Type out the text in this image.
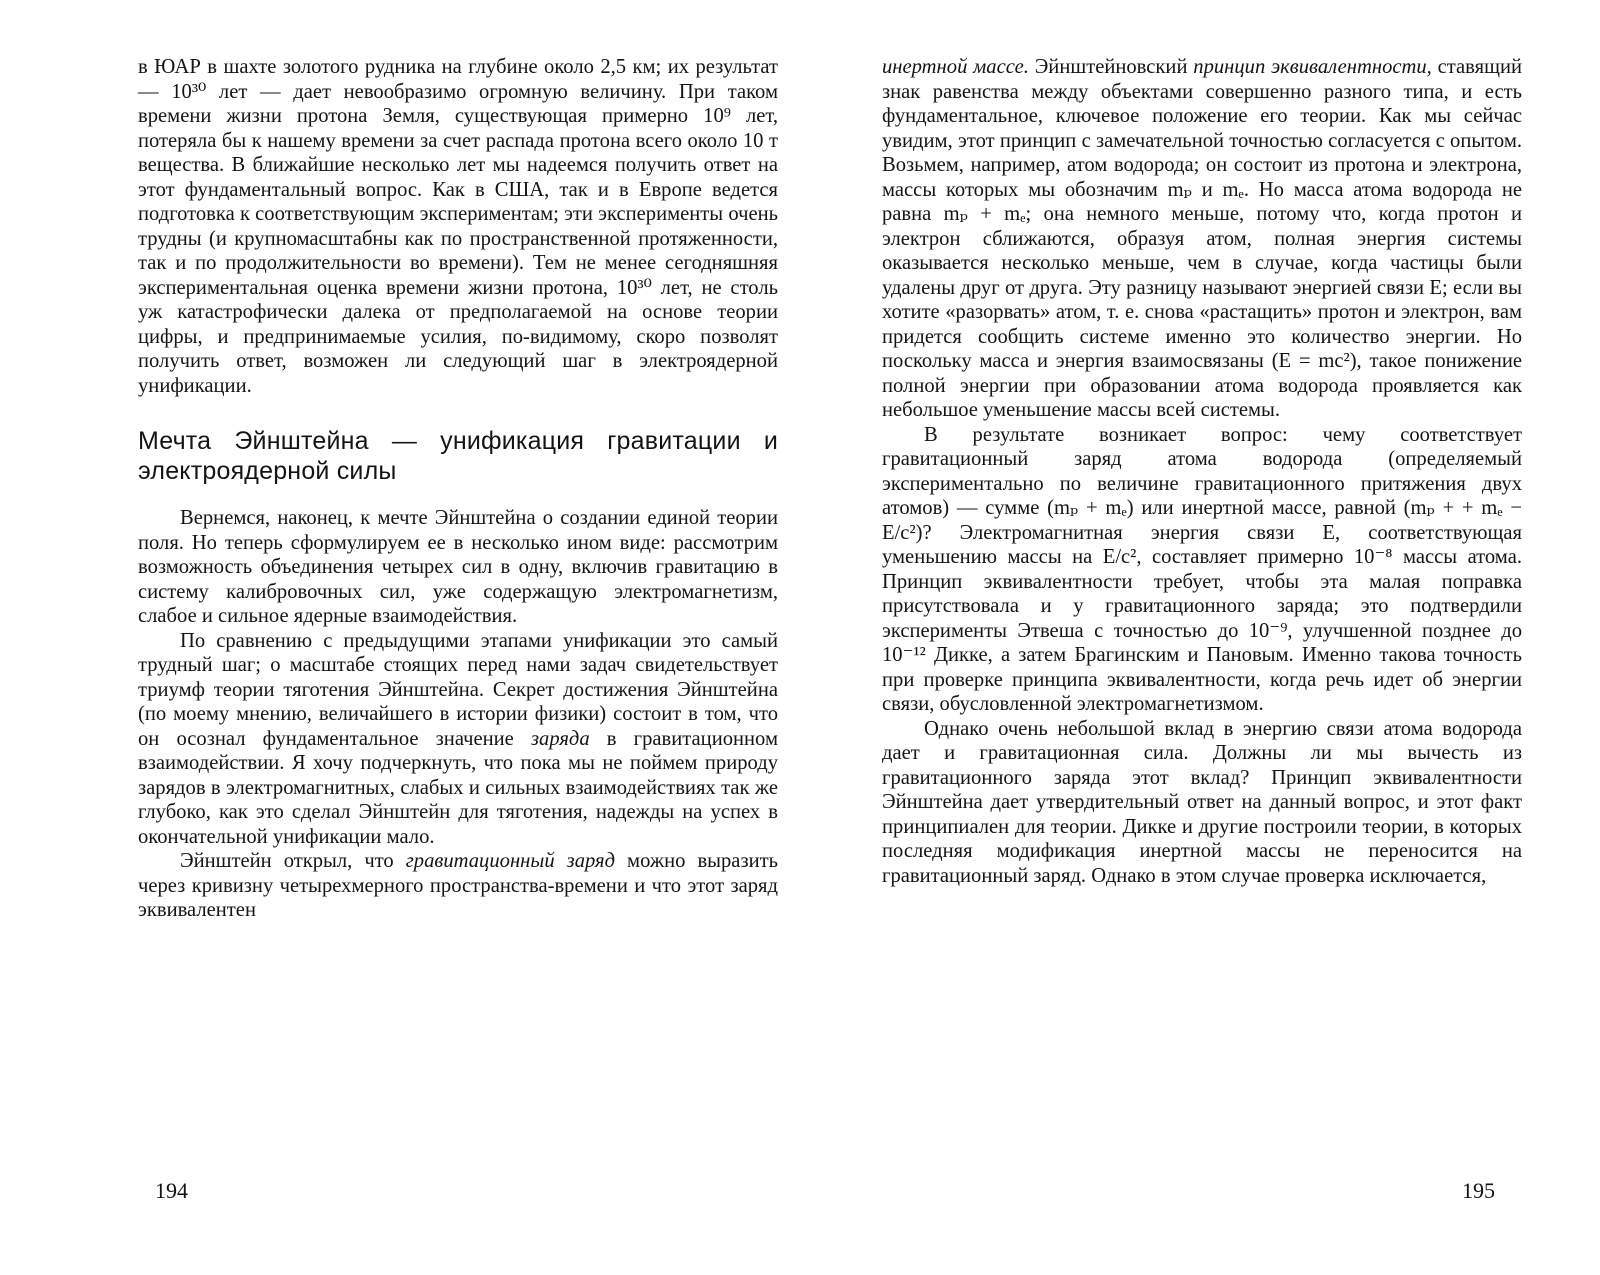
в ЮАР в шахте золотого рудника на глубине около 2,5 км; их результат — 10³⁰ лет — дает невообразимо огромную величину. При таком времени жизни протона Земля, существующая примерно 10⁹ лет, потеряла бы к нашему времени за счет распада протона всего около 10 т вещества. В ближайшие несколько лет мы надеемся получить ответ на этот фундаментальный вопрос. Как в США, так и в Европе ведется подготовка к соответствующим экспериментам; эти эксперименты очень трудны (и крупномасштабны как по пространственной протяженности, так и по продолжительности во времени). Тем не менее сегодняшняя экспериментальная оценка времени жизни протона, 10³⁰ лет, не столь уж катастрофически далека от предполагаемой на основе теории цифры, и предпринимаемые усилия, по-видимому, скоро позволят получить ответ, возможен ли следующий шаг в электроядерной унификации.

Мечта Эйнштейна — унификация гравитации и электроядерной силы

Вернемся, наконец, к мечте Эйнштейна о создании единой теории поля. Но теперь сформулируем ее в несколько ином виде: рассмотрим возможность объединения четырех сил в одну, включив гравитацию в систему калибровочных сил, уже содержащую электромагнетизм, слабое и сильное ядерные взаимодействия.

По сравнению с предыдущими этапами унификации это самый трудный шаг; о масштабе стоящих перед нами задач свидетельствует триумф теории тяготения Эйнштейна. Секрет достижения Эйнштейна (по моему мнению, величайшего в истории физики) состоит в том, что он осознал фундаментальное значение заряда в гравитационном взаимодействии. Я хочу подчеркнуть, что пока мы не поймем природу зарядов в электромагнитных, слабых и сильных взаимодействиях так же глубоко, как это сделал Эйнштейн для тяготения, надежды на успех в окончательной унификации мало.

Эйнштейн открыл, что гравитационный заряд можно выразить через кривизну четырехмерного пространства-времени и что этот заряд эквивалентен

194

инертной массе. Эйнштейновский принцип эквивалентности, ставящий знак равенства между объектами совершенно разного типа, и есть фундаментальное, ключевое положение его теории. Как мы сейчас увидим, этот принцип с замечательной точностью согласуется с опытом. Возьмем, например, атом водорода; он состоит из протона и электрона, массы которых мы обозначим mₚ и mₑ. Но масса атома водорода не равна mₚ + mₑ; она немного меньше, потому что, когда протон и электрон сближаются, образуя атом, полная энергия системы оказывается несколько меньше, чем в случае, когда частицы были удалены друг от друга. Эту разницу называют энергией связи E; если вы хотите «разорвать» атом, т. е. снова «растащить» протон и электрон, вам придется сообщить системе именно это количество энергии. Но поскольку масса и энергия взаимосвязаны (E = mc²), такое понижение полной энергии при образовании атома водорода проявляется как небольшое уменьшение массы всей системы.

В результате возникает вопрос: чему соответствует гравитационный заряд атома водорода (определяемый экспериментально по величине гравитационного притяжения двух атомов) — сумме (mₚ + mₑ) или инертной массе, равной (mₚ + + mₑ − E/c²)? Электромагнитная энергия связи E, соответствующая уменьшению массы на E/c², составляет примерно 10⁻⁸ массы атома. Принцип эквивалентности требует, чтобы эта малая поправка присутствовала и у гравитационного заряда; это подтвердили эксперименты Этвеша с точностью до 10⁻⁹, улучшенной позднее до 10⁻¹² Дикке, а затем Брагинским и Пановым. Именно такова точность при проверке принципа эквивалентности, когда речь идет об энергии связи, обусловленной электромагнетизмом.

Однако очень небольшой вклад в энергию связи атома водорода дает и гравитационная сила. Должны ли мы вычесть из гравитационного заряда этот вклад? Принцип эквивалентности Эйнштейна дает утвердительный ответ на данный вопрос, и этот факт принципиален для теории. Дикке и другие построили теории, в которых последняя модификация инертной массы не переносится на гравитационный заряд. Однако в этом случае проверка исключается,

195
